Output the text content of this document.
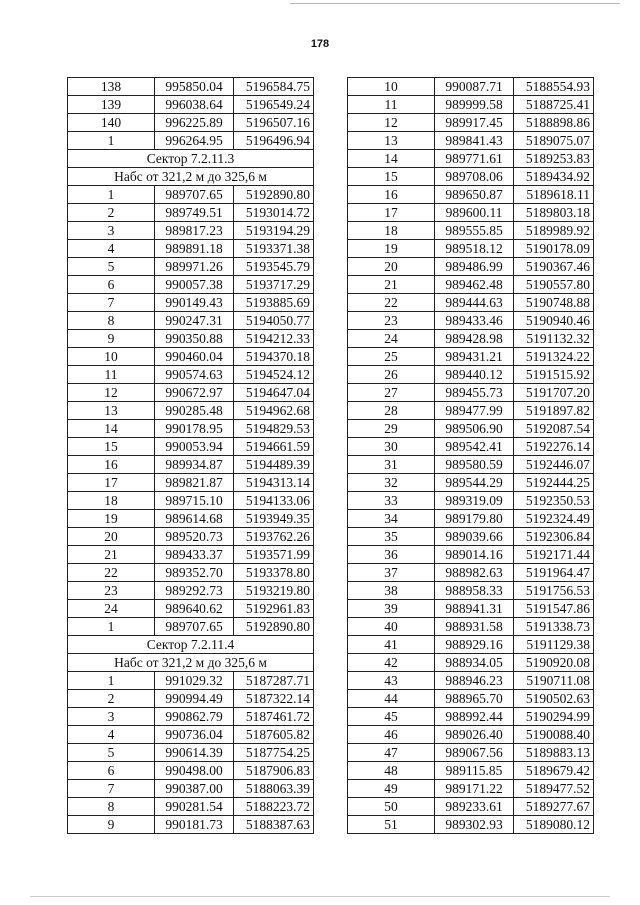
178
138	995850.04	5196584.75
139	996038.64	5196549.24
140	996225.89	5196507.16
1	996264.95	5196496.94
Сектор 7.2.11.3		
Набс от 321,2 м до 325,6 м		
1	989707.65	5192890.80
2	989749.51	5193014.72
3	989817.23	5193194.29
4	989891.18	5193371.38
5	989971.26	5193545.79
6	990057.38	5193717.29
7	990149.43	5193885.69
8	990247.31	5194050.77
9	990350.88	5194212.33
10	990460.04	5194370.18
11	990574.63	5194524.12
12	990672.97	5194647.04
13	990285.48	5194962.68
14	990178.95	5194829.53
15	990053.94	5194661.59
16	989934.87	5194489.39
17	989821.87	5194313.14
18	989715.10	5194133.06
19	989614.68	5193949.35
20	989520.73	5193762.26
21	989433.37	5193571.99
22	989352.70	5193378.80
23	989292.73	5193219.80
24	989640.62	5192961.83
1	989707.65	5192890.80
Сектор 7.2.11.4		
Набс от 321,2 м до 325,6 м		
1	991029.32	5187287.71
2	990994.49	5187322.14
3	990862.79	5187461.72
4	990736.04	5187605.82
5	990614.39	5187754.25
6	990498.00	5187906.83
7	990387.00	5188063.39
8	990281.54	5188223.72
9	990181.73	5188387.63
10	990087.71	5188554.93
11	989999.58	5188725.41
12	989917.45	5188898.86
13	989841.43	5189075.07
14	989771.61	5189253.83
15	989708.06	5189434.92
16	989650.87	5189618.11
17	989600.11	5189803.18
18	989555.85	5189989.92
19	989518.12	5190178.09
20	989486.99	5190367.46
21	989462.48	5190557.80
22	989444.63	5190748.88
23	989433.46	5190940.46
24	989428.98	5191132.32
25	989431.21	5191324.22
26	989440.12	5191515.92
27	989455.73	5191707.20
28	989477.99	5191897.82
29	989506.90	5192087.54
30	989542.41	5192276.14
31	989580.59	5192446.07
32	989544.29	5192444.25
33	989319.09	5192350.53
34	989179.80	5192324.49
35	989039.66	5192306.84
36	989014.16	5192171.44
37	988982.63	5191964.47
38	988958.33	5191756.53
39	988941.31	5191547.86
40	988931.58	5191338.73
41	988929.16	5191129.38
42	988934.05	5190920.08
43	988946.23	5190711.08
44	988965.70	5190502.63
45	988992.44	5190294.99
46	989026.40	5190088.40
47	989067.56	5189883.13
48	989115.85	5189679.42
49	989171.22	5189477.52
50	989233.61	5189277.67
51	989302.93	5189080.12
